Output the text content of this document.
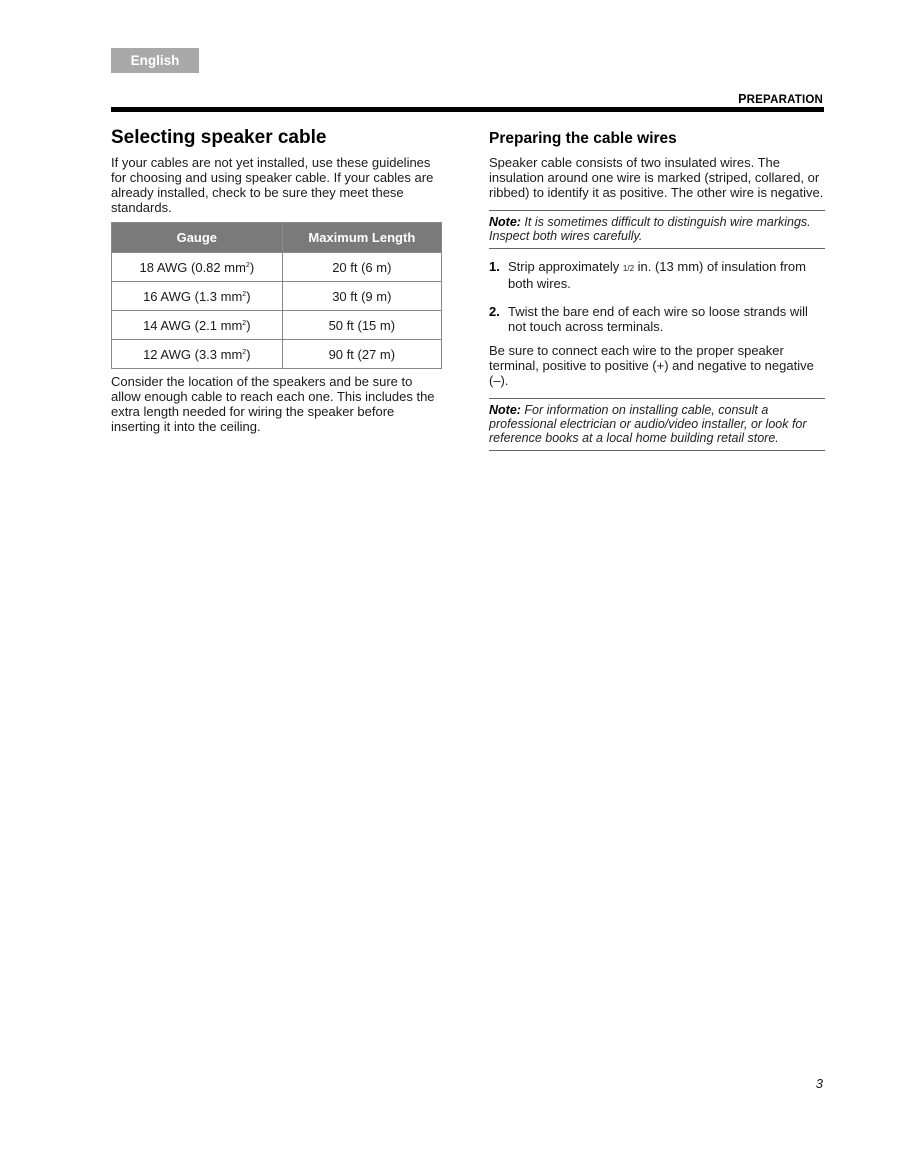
English
PREPARATION
Selecting speaker cable

If your cables are not yet installed, use these guidelines for choosing and using speaker cable. If your cables are already installed, check to be sure they meet these standards.

Gauge	Maximum Length
18 AWG (0.82 $mm^2$)	20 ft (6 m)
16 AWG (1.3 $mm^2$)	30 ft (9 m)
14 AWG (2.1 $mm^2$)	50 ft (15 m)
12 AWG (3.3 $mm^2$)	90 ft (27 m)

Consider the location of the speakers and be sure to allow enough cable to reach each one. This includes the extra length needed for wiring the speaker before inserting it into the ceiling.

Preparing the cable wires

Speaker cable consists of two insulated wires. The insulation around one wire is marked (striped, collared, or ribbed) to identify it as positive. The other wire is negative.

Note: It is sometimes difficult to distinguish wire markings. Inspect both wires carefully.
1. Strip approximately 1/2 in. (13 mm) of insulation from both wires.
2. Twist the bare end of each wire so loose strands will not touch across terminals.

Be sure to connect each wire to the proper speaker terminal, positive to positive (+) and negative to negative (–).

Note: For information on installing cable, consult a professional electrician or audio/video installer, or look for reference books at a local home building retail store.
3
